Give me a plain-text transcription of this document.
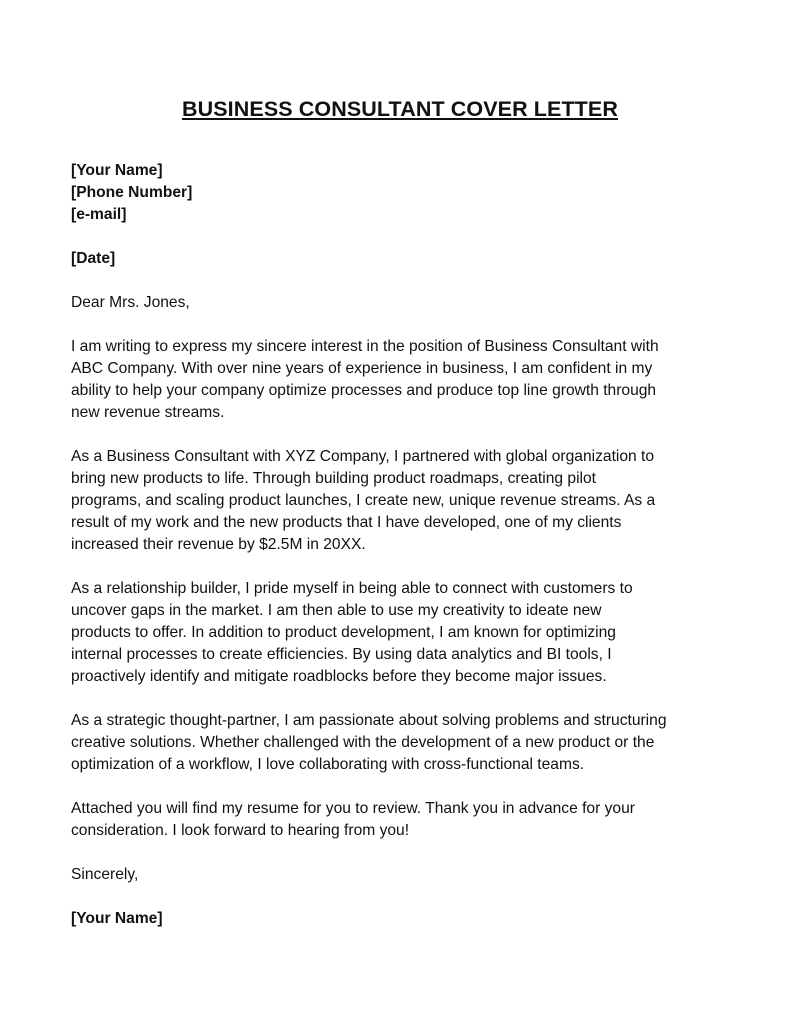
BUSINESS CONSULTANT COVER LETTER
[Your Name]
[Phone Number]
[e-mail]
[Date]
Dear Mrs. Jones,
I am writing to express my sincere interest in the position of Business Consultant with
ABC Company. With over nine years of experience in business, I am confident in my
ability to help your company optimize processes and produce top line growth through
new revenue streams.
As a Business Consultant with XYZ Company, I partnered with global organization to
bring new products to life. Through building product roadmaps, creating pilot
programs, and scaling product launches, I create new, unique revenue streams. As a
result of my work and the new products that I have developed, one of my clients
increased their revenue by $2.5M in 20XX.
As a relationship builder, I pride myself in being able to connect with customers to
uncover gaps in the market. I am then able to use my creativity to ideate new
products to offer. In addition to product development, I am known for optimizing
internal processes to create efficiencies. By using data analytics and BI tools, I
proactively identify and mitigate roadblocks before they become major issues.
As a strategic thought-partner, I am passionate about solving problems and structuring
creative solutions. Whether challenged with the development of a new product or the
optimization of a workflow, I love collaborating with cross-functional teams.
Attached you will find my resume for you to review. Thank you in advance for your
consideration. I look forward to hearing from you!
Sincerely,
[Your Name]
